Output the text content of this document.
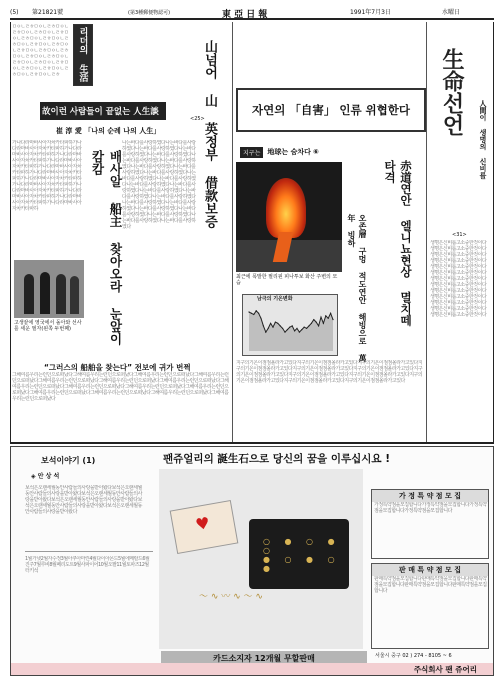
(5) 第21821號	(第3種郵便物認可)	東 亞 日 報	1991年7月3日	水曜日
리더의 生活
ㅁㅇㄴㄹㅎㅁㅇㄴㄹㅎㅁㅇㄴㄹㅎㅁㅇㄴㄹㅎㅁㅇㄴㄹㅎㅁㅇㄴㄹㅎㅁㅇㄴㄹㅎㅁㅇㄴㄹㅎㅁㅇㄴㄹㅎㅁㅇㄴㄹㅎㅁㅇㄴㄹㅎㅁㅇㄴㄹㅎㅁㅇㄴㄹㅎㅁㅇㄴㄹㅎㅁㅇㄴㄹㅎㅁㅇㄴㄹㅎㅁㅇㄴㄹㅎㅁㅇㄴㄹㅎㅁㅇㄴㄹㅎㅁㅇㄴㄹㅎㅁㅇㄴㄹㅎㅁㅇㄴㄹㅎㅁㅇㄴㄹㅎ
故이런 사람들이 끝없는 人生談
崔 淳 愛 「나의 순례 나의 人生」
가나다라마바사아자차카타파하가나다라마바사아자차카타파하가나다라마바사아자차카타파하가나다라마바사아자차카타파하가나다라마바사아자차카타파하가나다라마바사아자차카타파하가나다라마바사아자차카타파하가나다라마바사아자차카타파하가나다라마바사아자차카타파하가나다라마바사아자차카타파하가나다라마바사아자차카타파하가나다라마바사아자차카타파하가나다라마바사아자차카타파하
고생끝에 영국에서 돌아와 선사를 세운 필자(왼쪽 두번째)	배사알 船主 찾아오라 눈앞이 캄캄	山넘어 山 英정부 借款보증
나는바다를사랑하였다나는바다를사랑하였다나는바다를사랑하였다나는바다를사랑하였다나는바다를사랑하였다나는바다를사랑하였다나는바다를사랑하였다나는바다를사랑하였다나는바다를사랑하였다나는바다를사랑하였다나는바다를사랑하였다나는바다를사랑하였다나는바다를사랑하였다나는바다를사랑하였다나는바다를사랑하였다나는바다를사랑하였다나는바다를사랑하였다나는바다를사랑하였다나는바다를사랑하였다나는바다를사랑하였다나는바다를사랑하였다나는바다를사랑하였다나는바다를사랑하였다나는바다를사랑하였다
“그러스의 船舶을 찾는다” 전보에 귀가 번쩍
그해여름우리는런던으로떠났다그해여름우리는런던으로떠났다그해여름우리는런던으로떠났다그해여름우리는런던으로떠났다그해여름우리는런던으로떠났다그해여름우리는런던으로떠났다그해여름우리는런던으로떠났다그해여름우리는런던으로떠났다그해여름우리는런던으로떠났다그해여름우리는런던으로떠났다그해여름우리는런던으로떠났다그해여름우리는런던으로떠났다그해여름우리는런던으로떠났다그해여름우리는런던으로떠났다그해여름우리는런던으로떠났다
자연의 「自害」 인류 위협한다
지구는	地球는 숨차다 ⑥
최근에 폭발한 필리핀 피나투보 화산 주변의 모습
남극의 기온변화	赤道연안 엘니뇨현상 멸치떼 타격
오존層 구멍 적도연안 해빙으로 萬年 빙하
지구의기온이점점올라가고있다지구의기온이점점올라가고있다지구의기온이점점올라가고있다지구의기온이점점올라가고있다지구의기온이점점올라가고있다지구의기온이점점올라가고있다지구의기온이점점올라가고있다지구의기온이점점올라가고있다지구의기온이점점올라가고있다지구의기온이점점올라가고있다지구의기온이점점올라가고있다지구의기온이점점올라가고있다
生命선언
人間이 생명의 신비를
<31>
<25>
생명은신비롭고소중한것이다생명은신비롭고소중한것이다생명은신비롭고소중한것이다생명은신비롭고소중한것이다생명은신비롭고소중한것이다생명은신비롭고소중한것이다생명은신비롭고소중한것이다생명은신비롭고소중한것이다생명은신비롭고소중한것이다생명은신비롭고소중한것이다생명은신비롭고소중한것이다생명은신비롭고소중한것이다생명은신비롭고소중한것이다
보석이야기 (1)
◈ 안 상 석
팬쥬얼리의 誕生石으로 당신의 꿈을 이루십시요 !
보석은오랜세월동안사람들의사랑을받아왔다보석은오랜세월동안사람들의사랑을받아왔다보석은오랜세월동안사람들의사랑을받아왔다보석은오랜세월동안사람들의사랑을받아왔다보석은오랜세월동안사람들의사랑을받아왔다보석은오랜세월동안사람들의사랑을받아왔다
1월가넷2월자수정3월아쿠아마린4월다이아몬드5월에메랄드6월진주7월루비8월페리도트9월사파이어10월오팔11월토파즈12월터키석
♥
○ ● ○ ● ○
● ○ ● ○ ●
〜 ∿ 〰 ∿ 〜 ∿
카드소지자 12개월 무할판매
가 정 특 약 점 모 집
가정특약점을모집합니다가정특약점을모집합니다가정특약점을모집합니다가정특약점을모집합니다
판 매 특 약 점 모 집
판매특약점을모집합니다판매특약점을모집합니다판매특약점을모집합니다판매특약점을모집합니다판매특약점을모집합니다
서울시 중구 02 ) 274 - 8105 ~ 6
주식회사 팬 쥬어리
